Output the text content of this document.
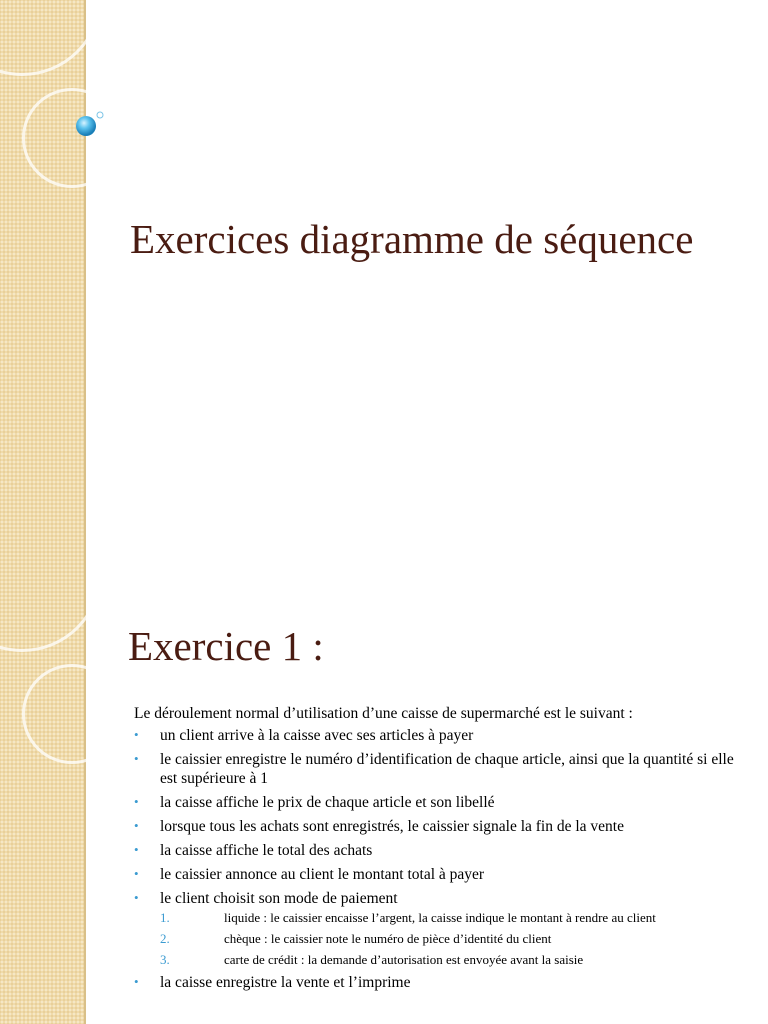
Exercices diagramme de séquence
Exercice 1 :

Le déroulement normal d’utilisation d’une caisse de supermarché est le suivant :

• un client arrive à la caisse avec ses articles à payer
• le caissier enregistre le numéro d’identification de chaque article, ainsi que la quantité si elle est supérieure à 1
• la caisse affiche le prix de chaque article et son libellé
• lorsque tous les achats sont enregistrés, le caissier signale la fin de la vente
• la caisse affiche le total des achats
• le caissier annonce au client le montant total à payer
• le client choisit son mode de paiement
1.	liquide : le caissier encaisse l’argent, la caisse indique le montant à rendre au client
2.	chèque : le caissier note le numéro de pièce d’identité du client
3.	carte de crédit : la demande d’autorisation est envoyée avant la saisie
• la caisse enregistre la vente et l’imprime
